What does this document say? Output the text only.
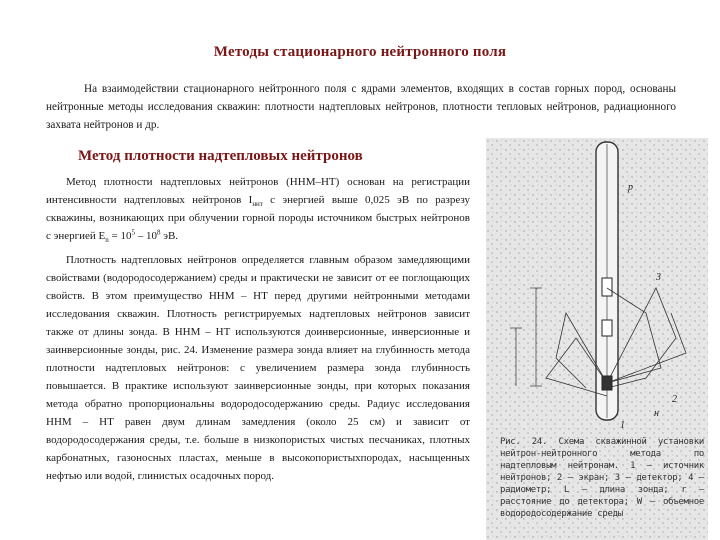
Методы стационарного нейтронного поля
На взаимодействии стационарного нейтронного поля с ядрами элементов, входящих в состав горных пород, основаны нейтронные методы исследования скважин: плотности надтепловых нейтронов, плотности тепловых нейтронов, радиационного захвата нейтронов и др.
Метод плотности надтепловых нейтронов

Метод плотности надтепловых нейтронов (ННМ–НТ) основан на регистрации интенсивности надтепловых нейтронов $I_{ннт}$ с энергией выше 0,025 эВ по разрезу скважины, возникающих при облучении горной породы источником быстрых нейтронов с энергией $Е_n = 10^5 - 10^8$ эВ.

Плотность надтепловых нейтронов определяется главным образом замедляющими свойствами (водородосодержанием) среды и практически не зависит от ее поглощающих свойств. В этом преимущество ННМ – НТ перед другими нейтронными методами исследования скважин. Плотность регистрируемых надтепловых нейтронов зависит также от длины зонда. В ННМ – НТ используются доинверсионные, инверсионные и заинверсионные зонды, рис. 24. Изменение размера зонда влияет на глубинность метода плотности надтепловых нейтронов: с увеличением размера зонда глубинность повышается. В практике используют заинверсионные зонды, при которых показания метода обратно пропорциональны водородосодержанию среды. Радиус исследования ННМ – НТ равен двум длинам замедления (около 25 см) и зависит от водородосодержания среды, т.е. больше в низкопористых чистых песчаниках, плотных карбонатных, газоносных пластах, меньше в высокопористыхпородах, насыщенных нефтью или водой, глинистых осадочных пород.

р
3
2
1
н
Рис. 24. Схема скважинной установки нейтрон-нейтронного метода по надтепловым нейтронам. 1 – источник нейтронов; 2 – экран; 3 – детектор; 4 – радиометр; L – длина зонда; r – расстояние до детектора; W – объемное водородосодержание среды
